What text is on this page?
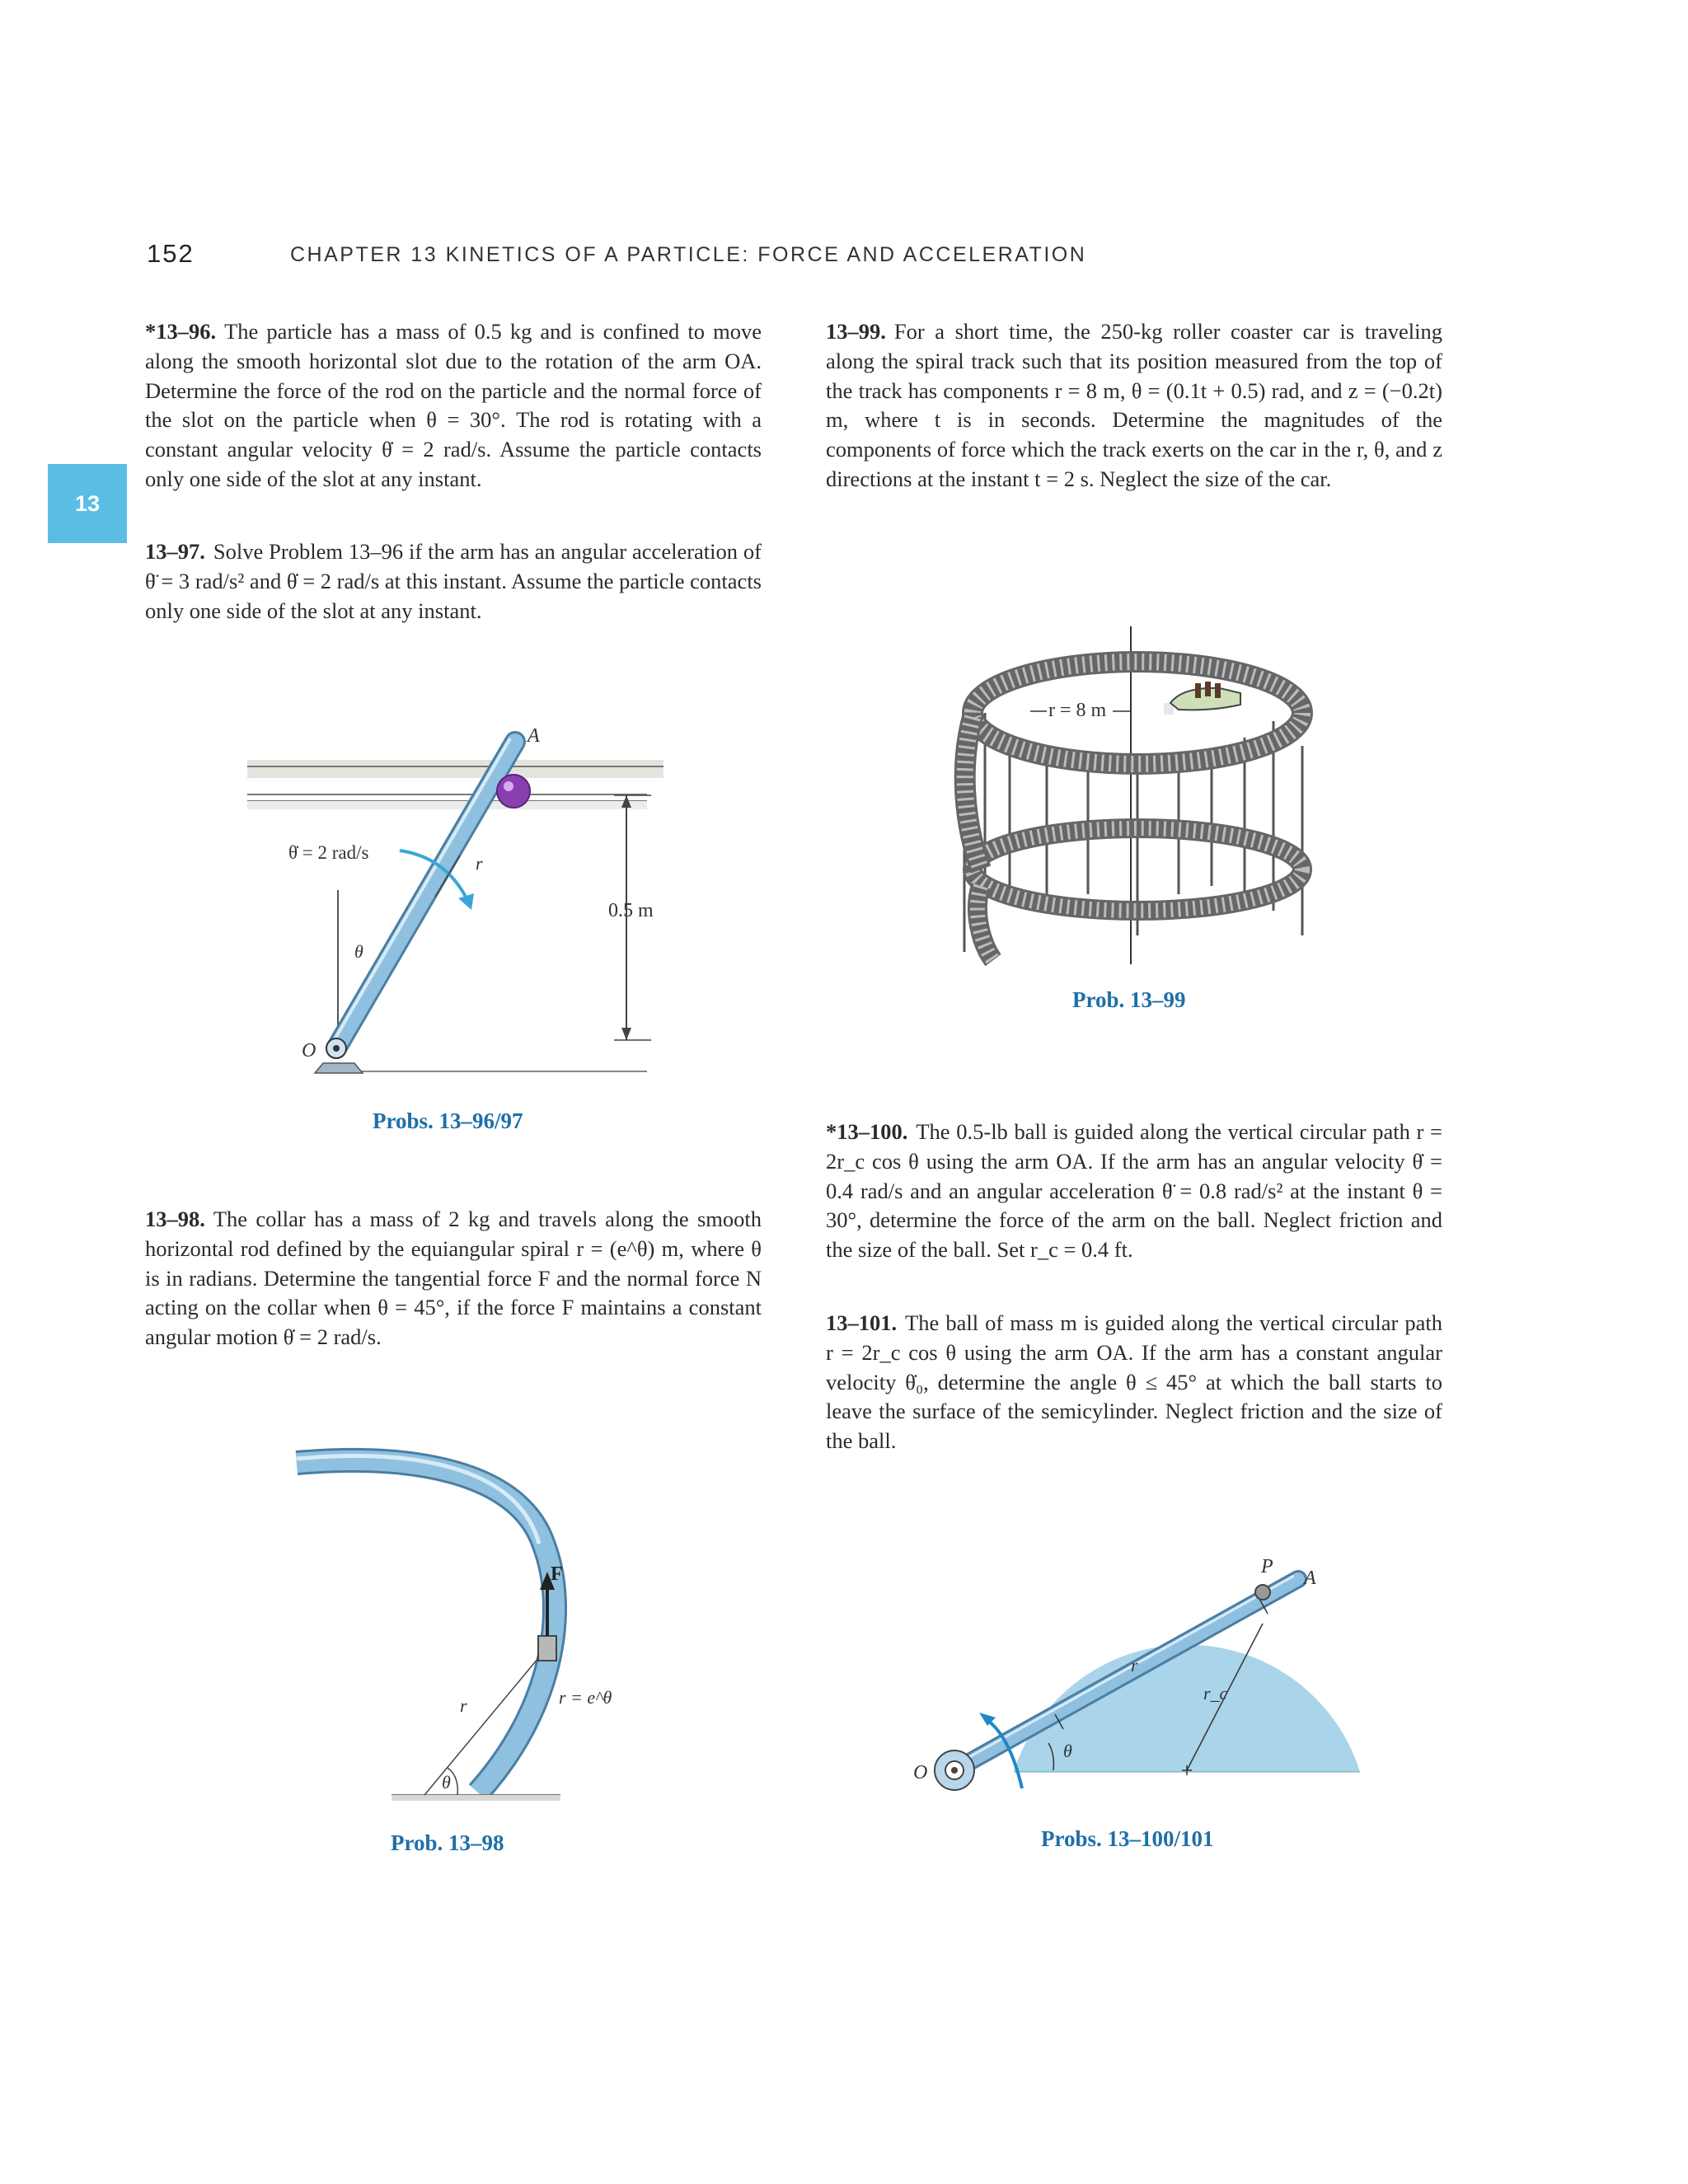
152	CHAPTER 13 KINETICS OF A PARTICLE: FORCE AND ACCELERATION
13
*13–96. The particle has a mass of 0.5 kg and is confined to move along the smooth horizontal slot due to the rotation of the arm OA. Determine the force of the rod on the particle and the normal force of the slot on the particle when θ = 30°. The rod is rotating with a constant angular velocity θ̇ = 2 rad/s. Assume the particle contacts only one side of the slot at any instant.
13–97. Solve Problem 13–96 if the arm has an angular acceleration of θ̈ = 3 rad/s² and θ̇ = 2 rad/s at this instant. Assume the particle contacts only one side of the slot at any instant.
13–98. The collar has a mass of 2 kg and travels along the smooth horizontal rod defined by the equiangular spiral r = (e^θ) m, where θ is in radians. Determine the tangential force F and the normal force N acting on the collar when θ = 45°, if the force F maintains a constant angular motion θ̇ = 2 rad/s.
13–99. For a short time, the 250-kg roller coaster car is traveling along the spiral track such that its position measured from the top of the track has components r = 8 m, θ = (0.1t + 0.5) rad, and z = (−0.2t) m, where t is in seconds. Determine the magnitudes of the components of force which the track exerts on the car in the r, θ, and z directions at the instant t = 2 s. Neglect the size of the car.
*13–100. The 0.5-lb ball is guided along the vertical circular path r = 2r_c cos θ using the arm OA. If the arm has an angular velocity θ̇ = 0.4 rad/s and an angular acceleration θ̈ = 0.8 rad/s² at the instant θ = 30°, determine the force of the arm on the ball. Neglect friction and the size of the ball. Set r_c = 0.4 ft.
13–101. The ball of mass m is guided along the vertical circular path r = 2r_c cos θ using the arm OA. If the arm has a constant angular velocity θ̇₀, determine the angle θ ≤ 45° at which the ball starts to leave the surface of the semicylinder. Neglect friction and the size of the ball.
0.5 m
A
O
r
θ
θ̇ = 2 rad/s
Probs. 13–96/97
F
r
θ
r = e^θ
Prob. 13–98
r = 8 m
Prob. 13–99
θ
r
r_c
P
A
O
Probs. 13–100/101
